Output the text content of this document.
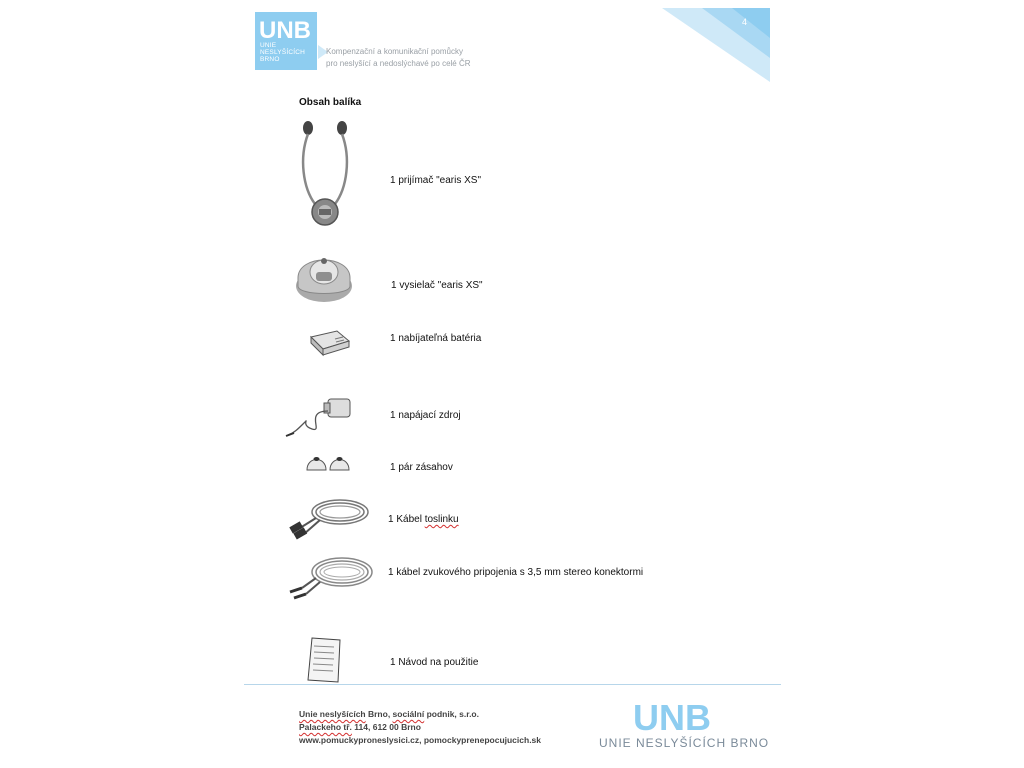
UNB
UNIE NESLYŠÍCÍCH BRNO
Kompenzační a komunikační pomůcky
pro neslyšící a nedoslýchavé po celé ČR
4
Obsah balíka
1 prijímač "earis XS"
1 vysielač "earis XS"
1 nabíjateľná batéria
1 napájací zdroj
1 pár zásahov
1 Kábel toslinku
1 kábel zvukového pripojenia s 3,5 mm stereo konektormi
1 Návod na použitie
Unie neslyšících Brno, sociální podnik, s.r.o.
Palackeho tř. 114, 612 00 Brno
www.pomuckyproneslysici.cz, pomockyprenepocujucich.sk
UNB
UNIE NESLYŠÍCÍCH BRNO
